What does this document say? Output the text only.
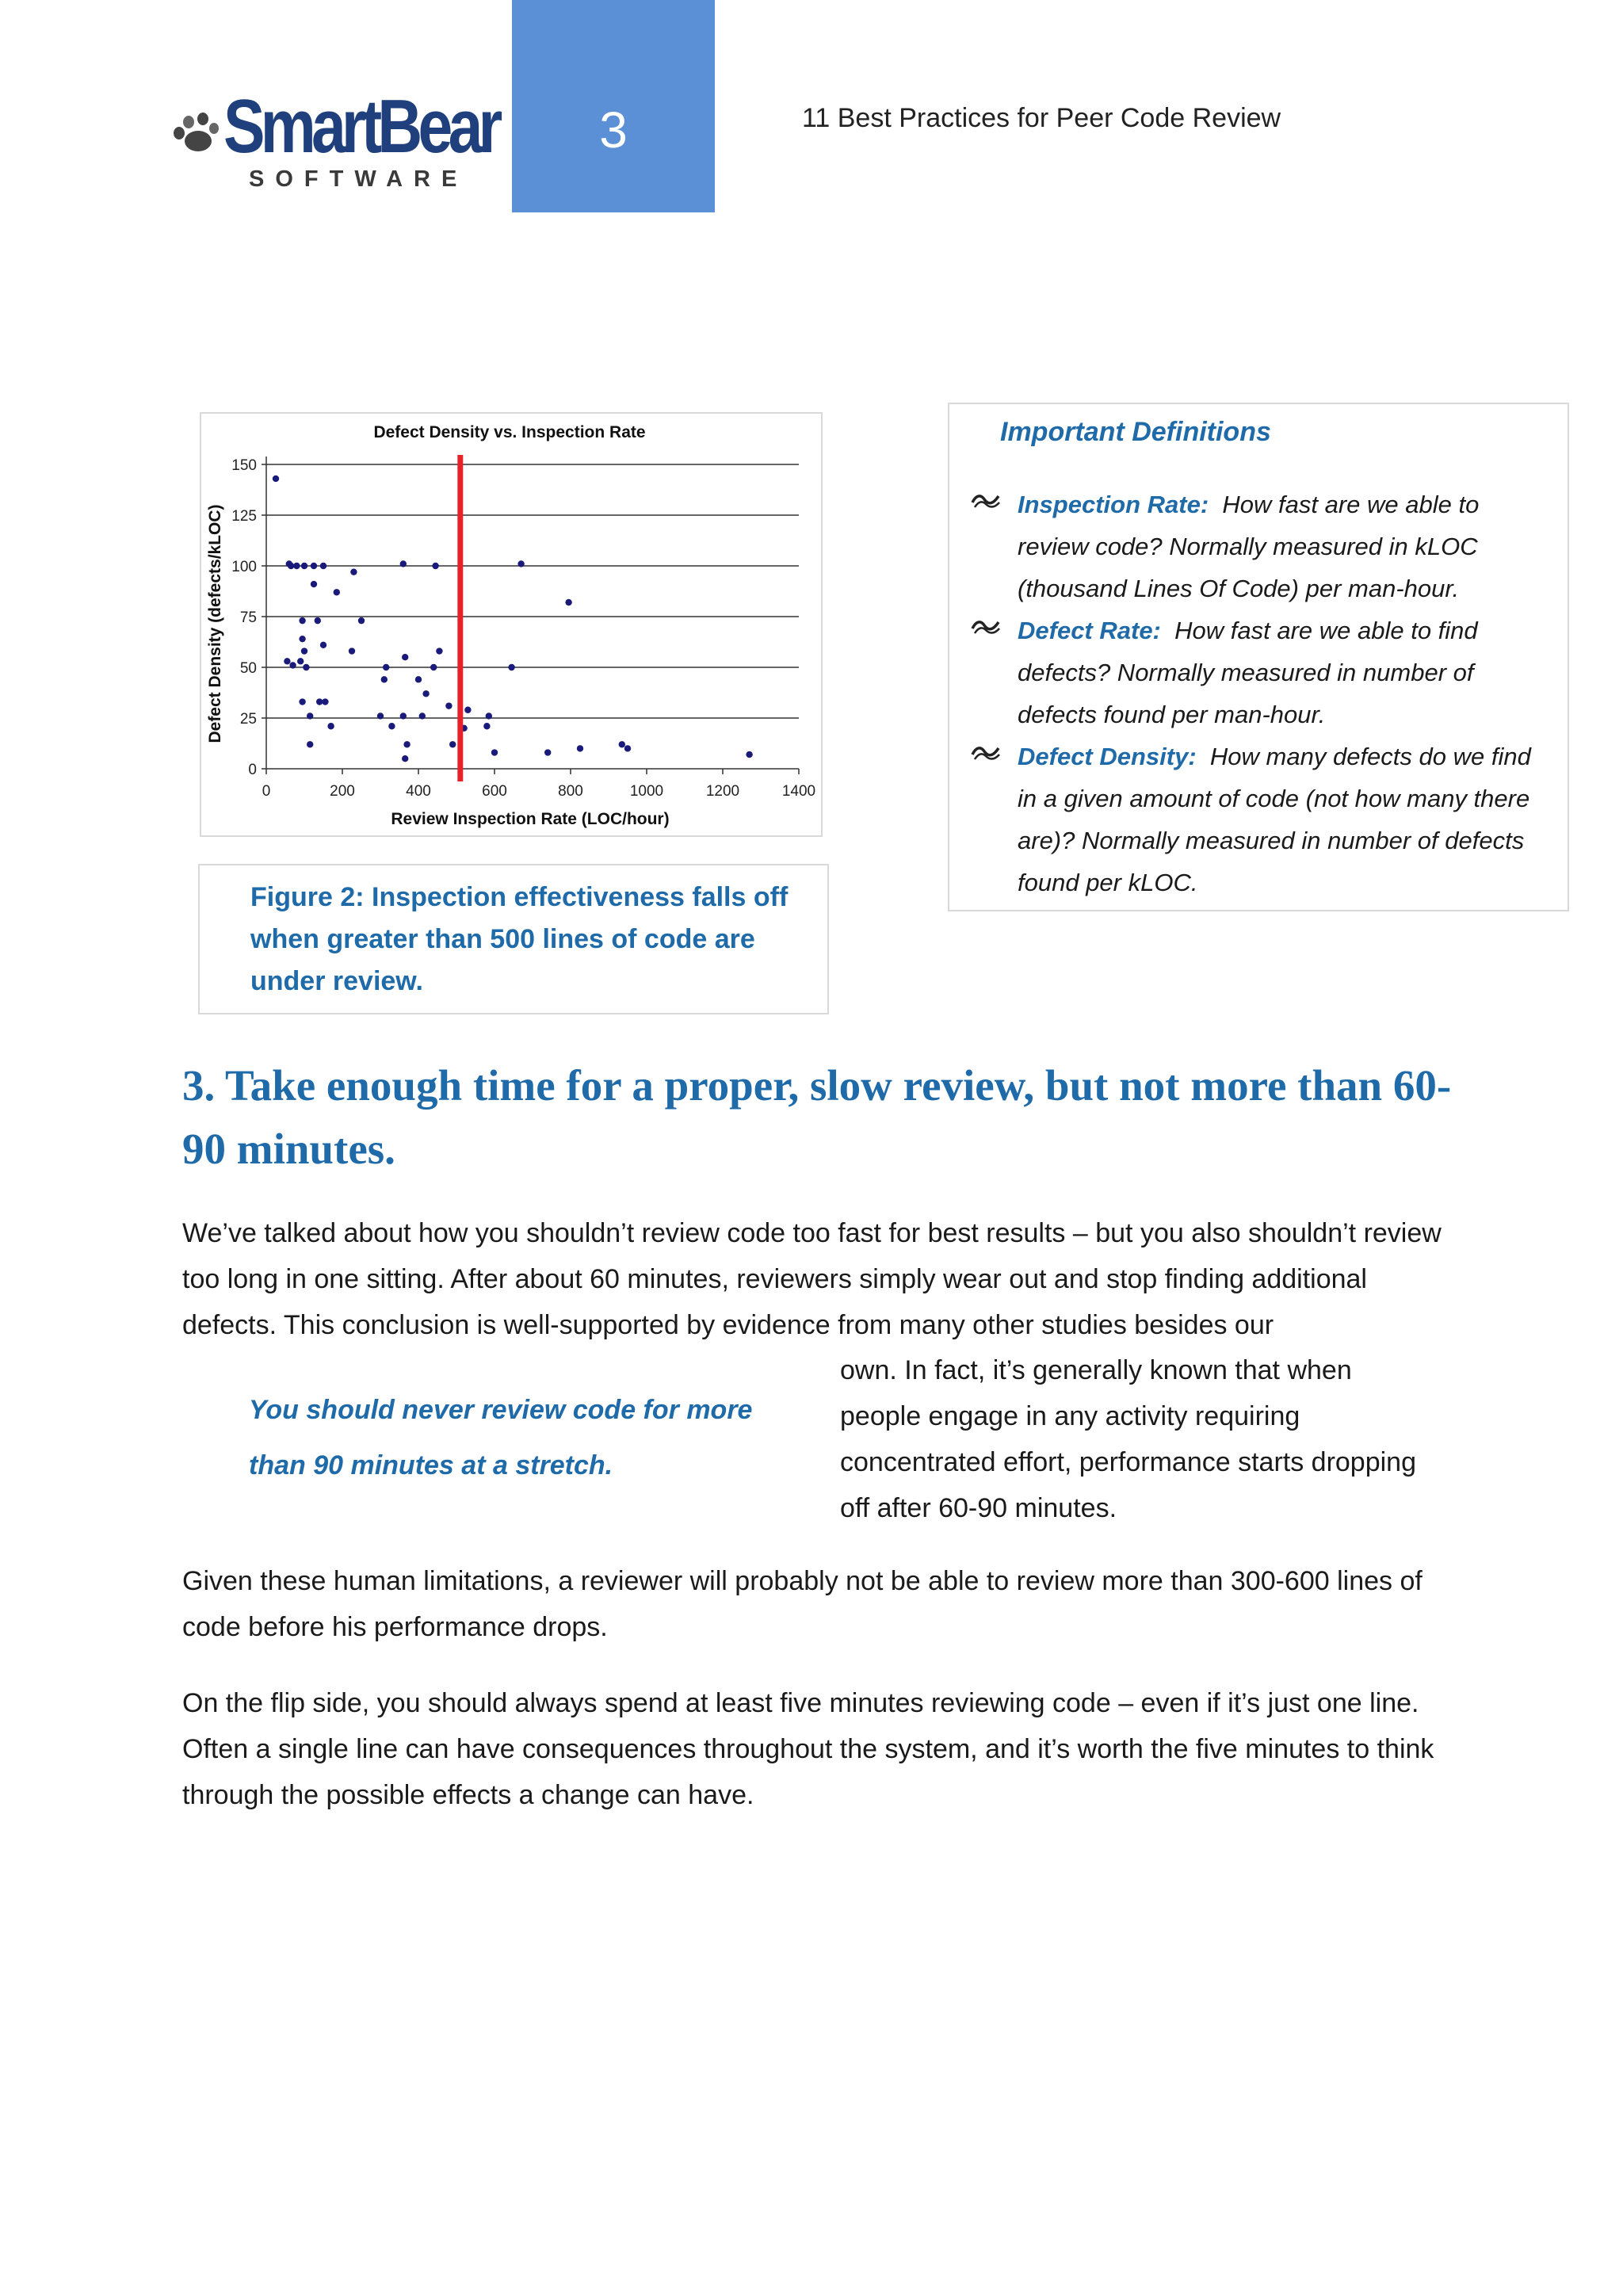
SmartBear
SOFTWARE
3	11 Best Practices for Peer Code Review
Defect Density vs. Inspection Rate
Defect Density (defects/kLOC)
Review Inspection Rate (LOC/hour)
0
25
50
75
100
125
150
0	200	400	600	800	1000	1200	1400
Figure 2: Inspection effectiveness falls off when greater than 500 lines of code are under review.
Important Definitions
Inspection Rate: How fast are we able to review code? Normally measured in kLOC (thousand Lines Of Code) per man-hour.
Defect Rate: How fast are we able to find defects? Normally measured in number of defects found per man-hour.
Defect Density: How many defects do we find in a given amount of code (not how many there are)? Normally measured in number of defects found per kLOC.
3. Take enough time for a proper, slow review, but not more than 60-90 minutes.
We’ve talked about how you shouldn’t review code too fast for best results – but you also shouldn’t review too long in one sitting. After about 60 minutes, reviewers simply wear out and stop finding additional defects. This conclusion is well-supported by evidence from many other studies besides our
You should never review code for more than 90 minutes at a stretch.
own. In fact, it’s generally known that when people engage in any activity requiring concentrated effort, performance starts dropping off after 60-90 minutes.
Given these human limitations, a reviewer will probably not be able to review more than 300-600 lines of code before his performance drops.
On the flip side, you should always spend at least five minutes reviewing code – even if it’s just one line. Often a single line can have consequences throughout the system, and it’s worth the five minutes to think through the possible effects a change can have.
